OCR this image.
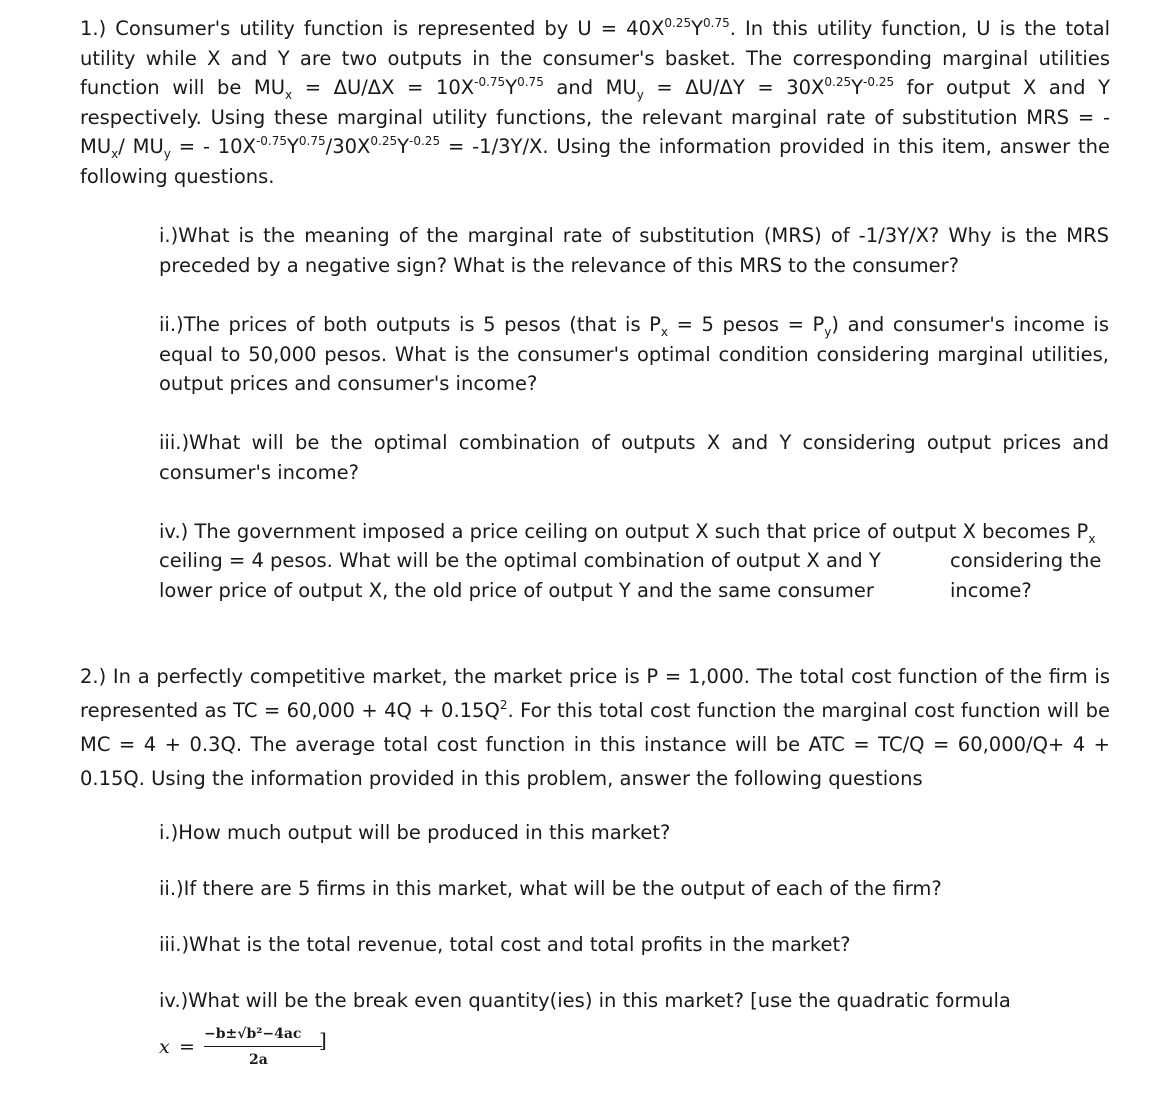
1.) Consumer's utility function is represented by $U = 40X^{0.25}Y^{0.75}$. In this utility function, U is the total utility while X and Y are two outputs in the consumer's basket. The corresponding marginal utilities function will be $MU_x = \Delta U/\Delta X = 10X^{-0.75}Y^{0.75}$ and $MU_y = \Delta U/\Delta Y = 30X^{0.25}Y^{-0.25}$ for output X and Y respectively. Using these marginal utility functions, the relevant marginal rate of substitution MRS = - $MU_x/$ $MU_y$ = - $10X^{-0.75}Y^{0.75}/30X^{0.25}Y^{-0.25} = -1/3Y/X$. Using the information provided in this item, answer the following questions.

i.)What is the meaning of the marginal rate of substitution (MRS) of -1/3Y/X? Why is the MRS preceded by a negative sign? What is the relevance of this MRS to the consumer?

ii.)The prices of both outputs is 5 pesos (that is $P_x = 5$ pesos = $P_y$) and consumer's income is equal to 50,000 pesos. What is the consumer's optimal condition considering marginal utilities, output prices and consumer's income?

iii.)What will be the optimal combination of outputs X and Y considering output prices and consumer's income?

iv.) The government imposed a price ceiling on output X such that price of output X becomes $P_x$

ceiling = 4 pesos. What will be the optimal combination of output X and Y	considering the

lower price of output X, the old price of output Y and the same consumer	income?

2.) In a perfectly competitive market, the market price is P = 1,000. The total cost function of the firm is represented as TC = $60,000 + 4Q + 0.15Q^2$. For this total cost function the marginal cost function will be MC = 4 + 0.3Q. The average total cost function in this instance will be ATC = TC/Q = 60,000/Q+ 4 + 0.15Q. Using the information provided in this problem, answer the following questions

i.)How much output will be produced in this market?

ii.)If there are 5 firms in this market, what will be the output of each of the firm?

iii.)What is the total revenue, total cost and total profits in the market?

iv.)What will be the break even quantity(ies) in this market? [use the quadratic formula

x =
−b±√b²−4ac
2a
]
